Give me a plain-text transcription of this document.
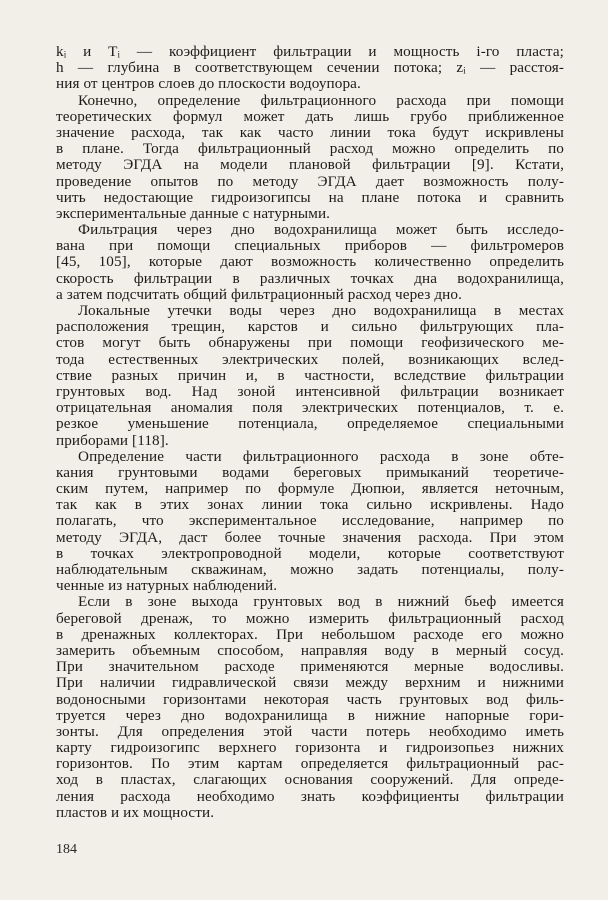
kᵢ и Tᵢ — коэффициент фильтрации и мощность i-го пласта;
h — глубина в соответствующем сечении потока; zᵢ — расстоя-
ния от центров слоев до плоскости водоупора.
Конечно, определение фильтрационного расхода при помощи
теоретических формул может дать лишь грубо приближенное
значение расхода, так как часто линии тока будут искривлены
в плане. Тогда фильтрационный расход можно определить по
методу ЭГДА на модели плановой фильтрации [9]. Кстати,
проведение опытов по методу ЭГДА дает возможность полу-
чить недостающие гидроизогипсы на плане потока и сравнить
экспериментальные данные с натурными.
Фильтрация через дно водохранилища может быть исследо-
вана при помощи специальных приборов — фильтромеров
[45, 105], которые дают возможность количественно определить
скорость фильтрации в различных точках дна водохранилища,
а затем подсчитать общий фильтрационный расход через дно.
Локальные утечки воды через дно водохранилища в местах
расположения трещин, карстов и сильно фильтрующих пла-
стов могут быть обнаружены при помощи геофизического ме-
тода естественных электрических полей, возникающих вслед-
ствие разных причин и, в частности, вследствие фильтрации
грунтовых вод. Над зоной интенсивной фильтрации возникает
отрицательная аномалия поля электрических потенциалов, т. е.
резкое уменьшение потенциала, определяемое специальными
приборами [118].
Определение части фильтрационного расхода в зоне обте-
кания грунтовыми водами береговых примыканий теоретиче-
ским путем, например по формуле Дюпюи, является неточным,
так как в этих зонах линии тока сильно искривлены. Надо
полагать, что экспериментальное исследование, например по
методу ЭГДА, даст более точные значения расхода. При этом
в точках электропроводной модели, которые соответствуют
наблюдательным скважинам, можно задать потенциалы, полу-
ченные из натурных наблюдений.
Если в зоне выхода грунтовых вод в нижний бьеф имеется
береговой дренаж, то можно измерить фильтрационный расход
в дренажных коллекторах. При небольшом расходе его можно
замерить объемным способом, направляя воду в мерный сосуд.
При значительном расходе применяются мерные водосливы.
При наличии гидравлической связи между верхним и нижними
водоносными горизонтами некоторая часть грунтовых вод филь-
труется через дно водохранилища в нижние напорные гори-
зонты. Для определения этой части потерь необходимо иметь
карту гидроизогипс верхнего горизонта и гидроизопьез нижних
горизонтов. По этим картам определяется фильтрационный рас-
ход в пластах, слагающих основания сооружений. Для опреде-
ления расхода необходимо знать коэффициенты фильтрации
пластов и их мощности.
184
